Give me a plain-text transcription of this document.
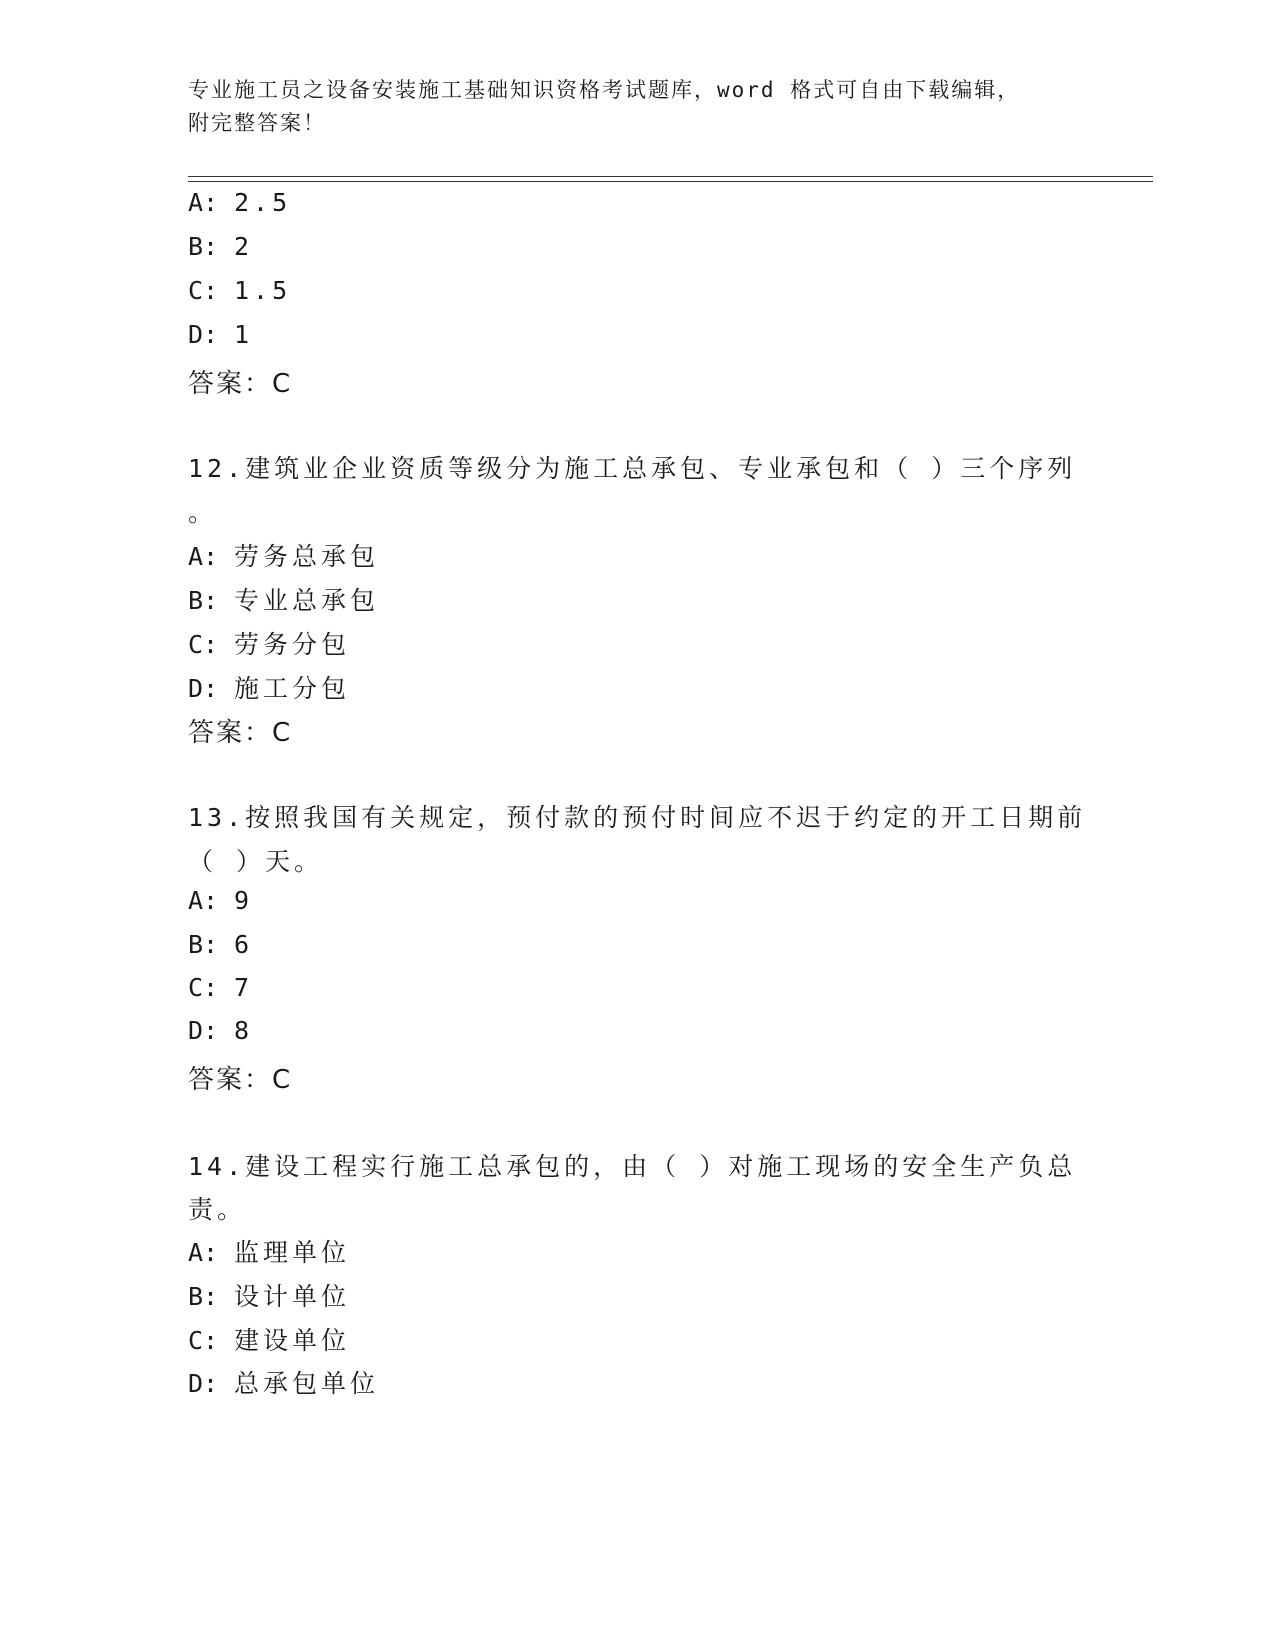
专业施工员之设备安装施工基础知识资格考试题库，word 格式可自由下载编辑，
附完整答案！
A: 2.5
B: 2
C: 1.5
D: 1
答案：C
12.建筑业企业资质等级分为施工总承包、专业承包和（ ）三个序列
。
A: 劳务总承包
B: 专业总承包
C: 劳务分包
D: 施工分包
答案：C
13.按照我国有关规定，预付款的预付时间应不迟于约定的开工日期前
（ ）天。
A: 9
B: 6
C: 7
D: 8
答案：C
14.建设工程实行施工总承包的，由（ ）对施工现场的安全生产负总
责。
A: 监理单位
B: 设计单位
C: 建设单位
D: 总承包单位
